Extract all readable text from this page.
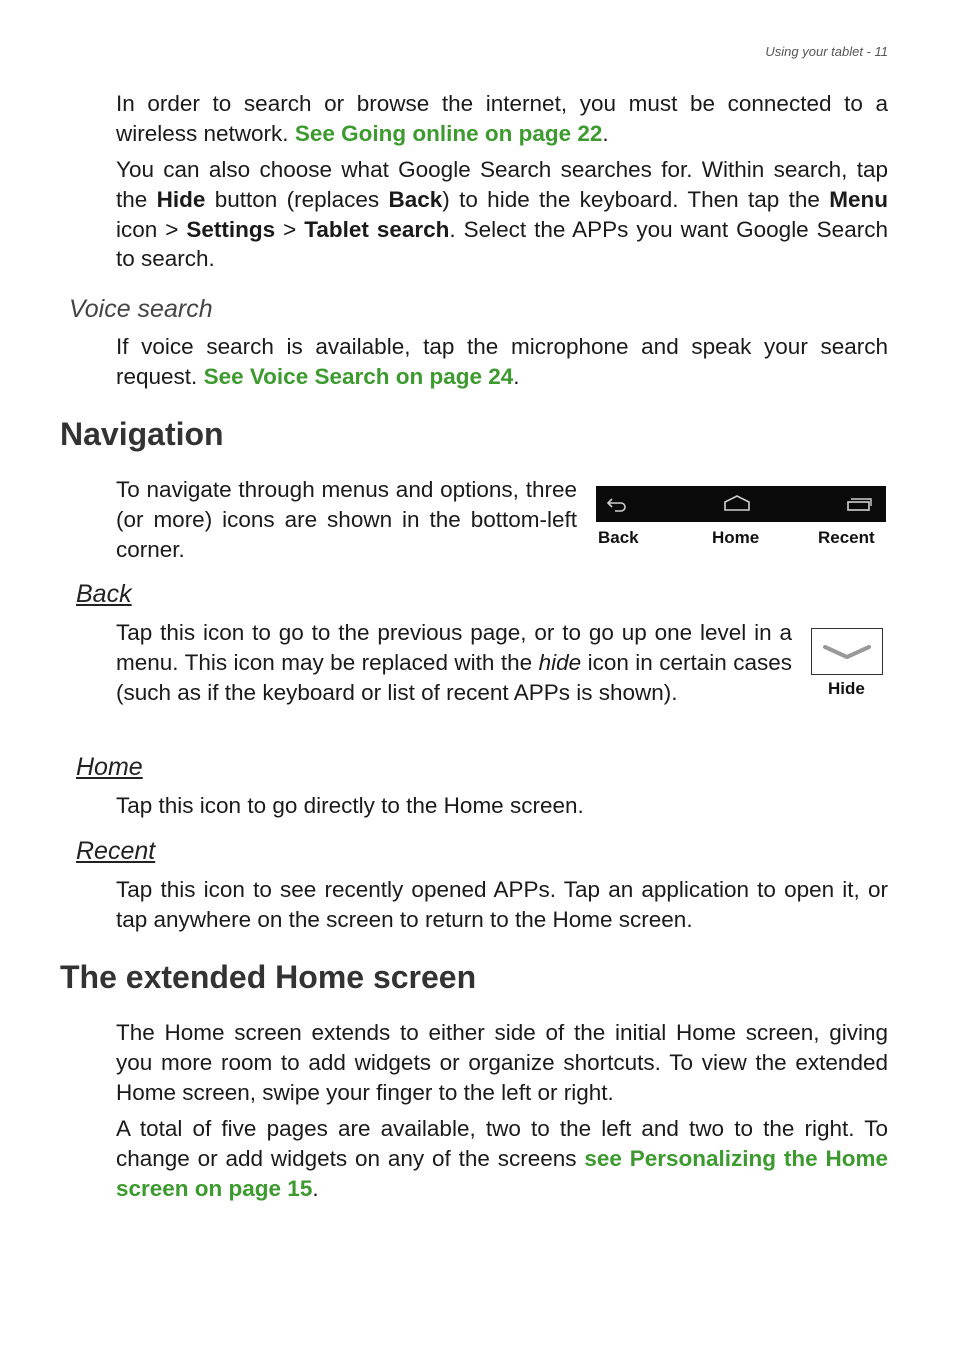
Using your tablet - 11

In order to search or browse the internet, you must be connected to a wireless network. See Going online on page 22.

You can also choose what Google Search searches for. Within search, tap the Hide button (replaces Back) to hide the keyboard. Then tap the Menu icon > Settings > Tablet search. Select the APPs you want Google Search to search.

Voice search

If voice search is available, tap the microphone and speak your search request. See Voice Search on page 24.

Navigation

To navigate through menus and options, three (or more) icons are shown in the bottom-left corner.	Back	Home	Recent
Back

Tap this icon to go to the previous page, or to go up one level in a menu. This icon may be replaced with the hide icon in certain cases (such as if the keyboard or list of recent APPs is shown).	Hide
Home

Tap this icon to go directly to the Home screen.

Recent

Tap this icon to see recently opened APPs. Tap an application to open it, or tap anywhere on the screen to return to the Home screen.

The extended Home screen

The Home screen extends to either side of the initial Home screen, giving you more room to add widgets or organize shortcuts. To view the extended Home screen, swipe your finger to the left or right.

A total of five pages are available, two to the left and two to the right. To change or add widgets on any of the screens see Personalizing the Home screen on page 15.
